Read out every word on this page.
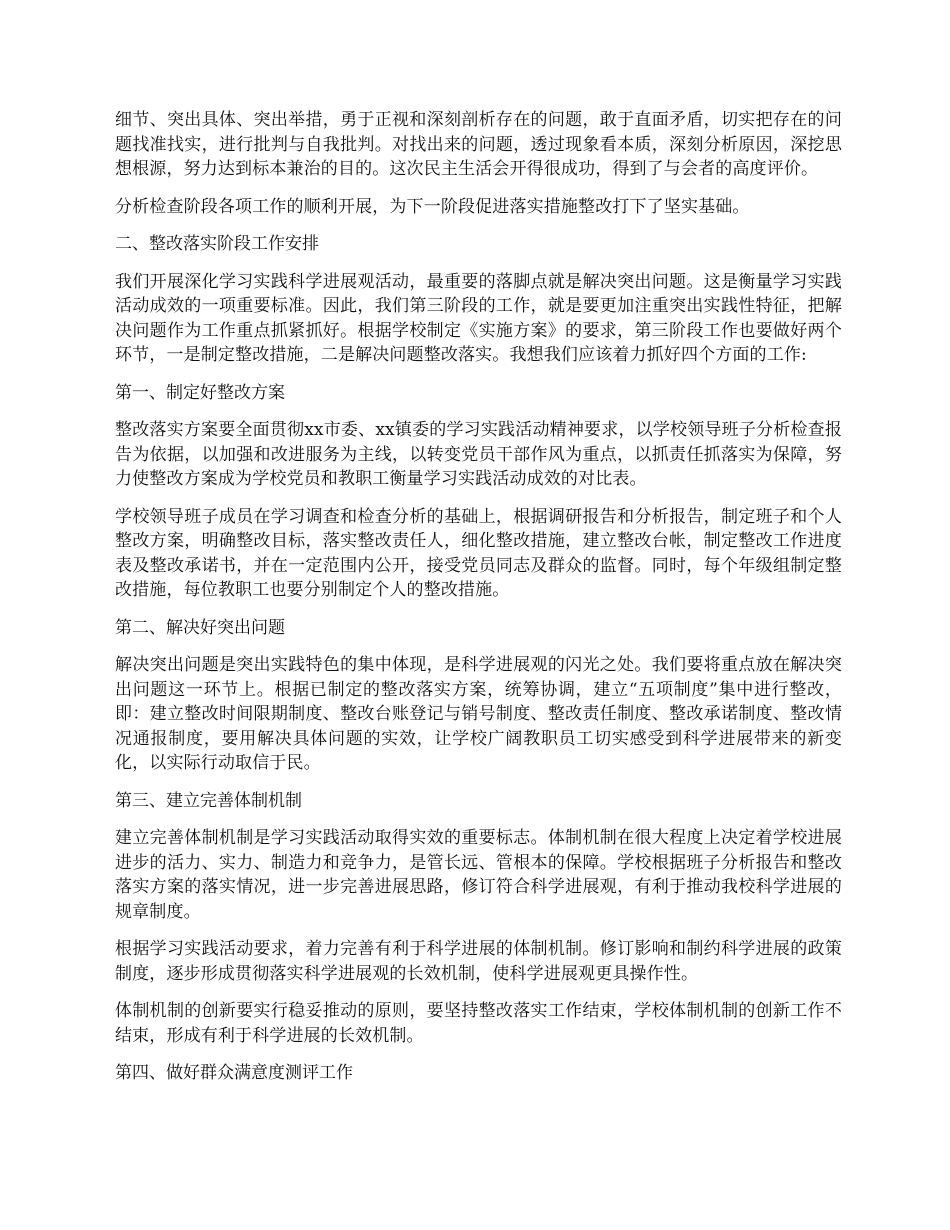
细节、突出具体、突出举措，勇于正视和深刻剖析存在的问题，敢于直面矛盾，切实把存在的问题找准找实，进行批判与自我批判。对找出来的问题，透过现象看本质，深刻分析原因，深挖思想根源，努力达到标本兼治的目的。这次民主生活会开得很成功，得到了与会者的高度评价。

分析检查阶段各项工作的顺利开展，为下一阶段促进落实措施整改打下了坚实基础。

二、整改落实阶段工作安排

我们开展深化学习实践科学进展观活动，最重要的落脚点就是解决突出问题。这是衡量学习实践活动成效的一项重要标准。因此，我们第三阶段的工作，就是要更加注重突出实践性特征，把解决问题作为工作重点抓紧抓好。根据学校制定《实施方案》的要求，第三阶段工作也要做好两个环节，一是制定整改措施，二是解决问题整改落实。我想我们应该着力抓好四个方面的工作:

第一、制定好整改方案

整改落实方案要全面贯彻xx市委、xx镇委的学习实践活动精神要求，以学校领导班子分析检查报告为依据，以加强和改进服务为主线，以转变党员干部作风为重点，以抓责任抓落实为保障，努力使整改方案成为学校党员和教职工衡量学习实践活动成效的对比表。

学校领导班子成员在学习调查和检查分析的基础上，根据调研报告和分析报告，制定班子和个人整改方案，明确整改目标，落实整改责任人，细化整改措施，建立整改台帐，制定整改工作进度表及整改承诺书，并在一定范围内公开，接受党员同志及群众的监督。同时，每个年级组制定整改措施，每位教职工也要分别制定个人的整改措施。

第二、解决好突出问题

解决突出问题是突出实践特色的集中体现，是科学进展观的闪光之处。我们要将重点放在解决突出问题这一环节上。根据已制定的整改落实方案，统筹协调，建立“五项制度”集中进行整改，即：建立整改时间限期制度、整改台账登记与销号制度、整改责任制度、整改承诺制度、整改情况通报制度，要用解决具体问题的实效，让学校广阔教职员工切实感受到科学进展带来的新变化，以实际行动取信于民。

第三、建立完善体制机制

建立完善体制机制是学习实践活动取得实效的重要标志。体制机制在很大程度上决定着学校进展进步的活力、实力、制造力和竞争力，是管长远、管根本的保障。学校根据班子分析报告和整改落实方案的落实情况，进一步完善进展思路，修订符合科学进展观，有利于推动我校科学进展的规章制度。

根据学习实践活动要求，着力完善有利于科学进展的体制机制。修订影响和制约科学进展的政策制度，逐步形成贯彻落实科学进展观的长效机制，使科学进展观更具操作性。

体制机制的创新要实行稳妥推动的原则，要坚持整改落实工作结束，学校体制机制的创新工作不结束，形成有利于科学进展的长效机制。

第四、做好群众满意度测评工作
